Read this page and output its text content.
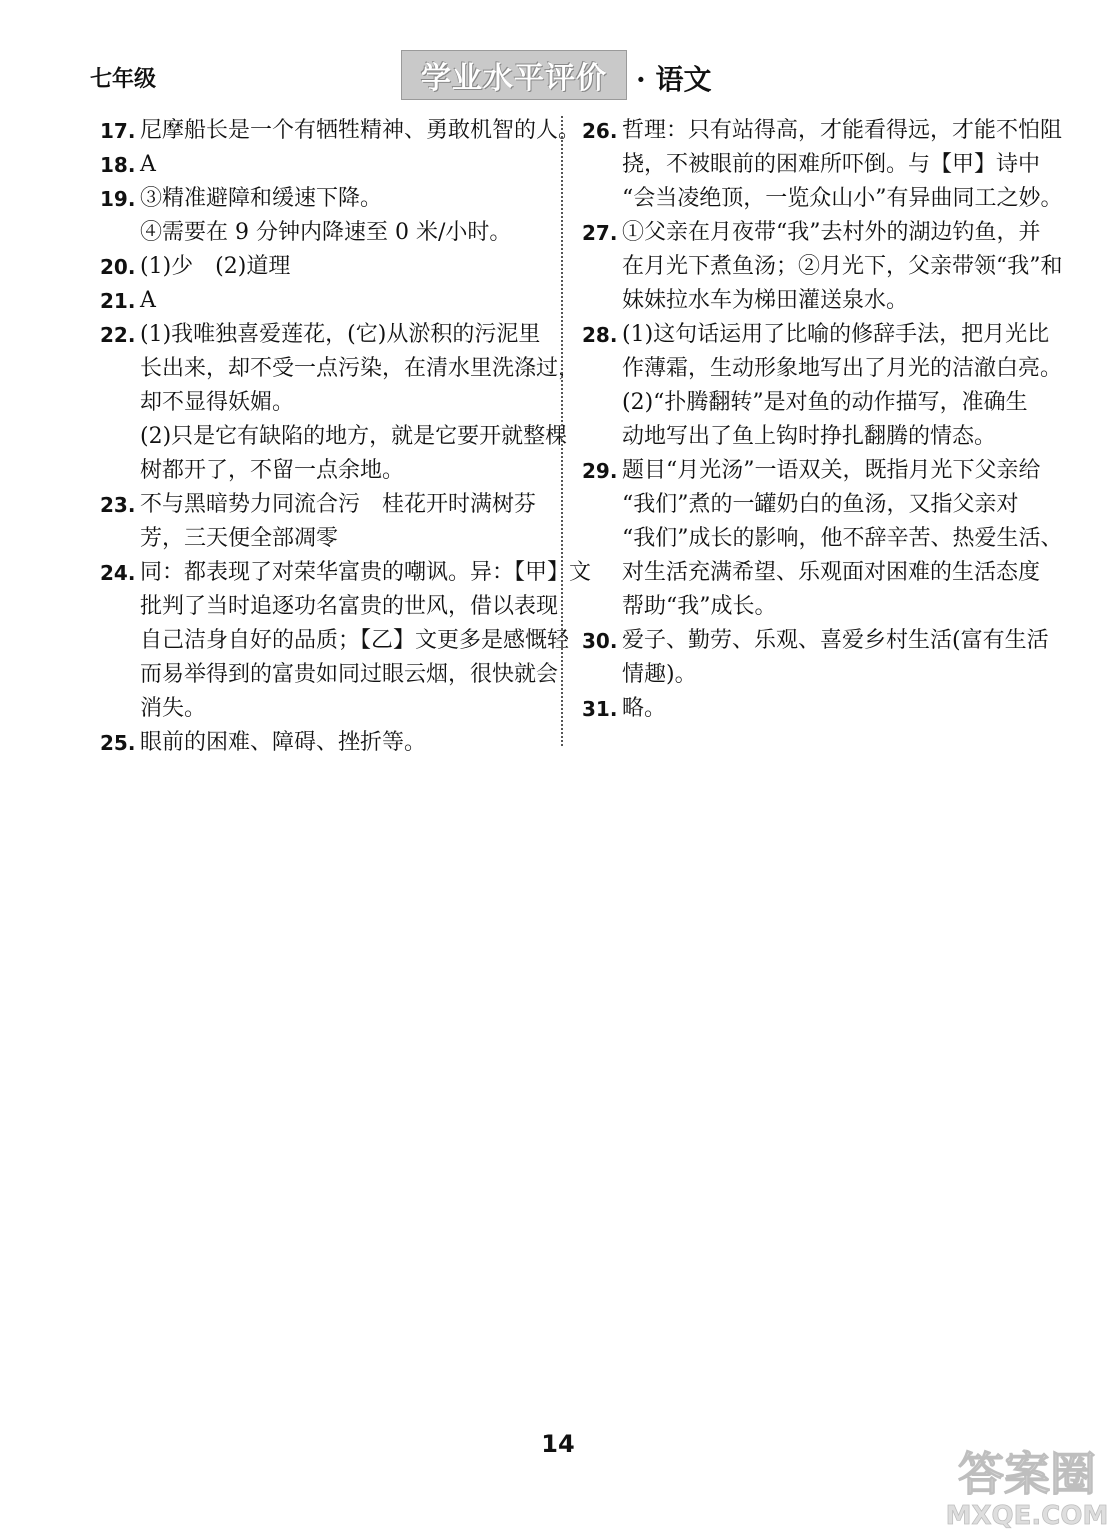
七年级	学业水平评价	· 语文
17. 尼摩船长是一个有牺牲精神、勇敢机智的人。
18. A
19. ③精准避障和缓速下降。
④需要在 9 分钟内降速至 0 米/小时。
20. (1)少　(2)道理
21. A
22. (1)我唯独喜爱莲花，(它)从淤积的污泥里
长出来，却不受一点污染，在清水里洗涤过，
却不显得妖媚。
(2)只是它有缺陷的地方，就是它要开就整棵
树都开了，不留一点余地。
23. 不与黑暗势力同流合污　桂花开时满树芬
芳，三天便全部凋零
24. 同：都表现了对荣华富贵的嘲讽。异：【甲】文
批判了当时追逐功名富贵的世风，借以表现
自己洁身自好的品质；【乙】文更多是感慨轻
而易举得到的富贵如同过眼云烟，很快就会
消失。
25. 眼前的困难、障碍、挫折等。
26. 哲理：只有站得高，才能看得远，才能不怕阻
挠，不被眼前的困难所吓倒。与【甲】诗中
“会当凌绝顶，一览众山小”有异曲同工之妙。
27. ①父亲在月夜带“我”去村外的湖边钓鱼，并
在月光下煮鱼汤；②月光下，父亲带领“我”和
妹妹拉水车为梯田灌送泉水。
28. (1)这句话运用了比喻的修辞手法，把月光比
作薄霜，生动形象地写出了月光的洁澈白亮。
(2)“扑腾翻转”是对鱼的动作描写，准确生
动地写出了鱼上钩时挣扎翻腾的情态。
29. 题目“月光汤”一语双关，既指月光下父亲给
“我们”煮的一罐奶白的鱼汤，又指父亲对
“我们”成长的影响，他不辞辛苦、热爱生活、
对生活充满希望、乐观面对困难的生活态度
帮助“我”成长。
30. 爱子、勤劳、乐观、喜爱乡村生活(富有生活
情趣)。
31. 略。
14
答案圈
MXQE.COM
